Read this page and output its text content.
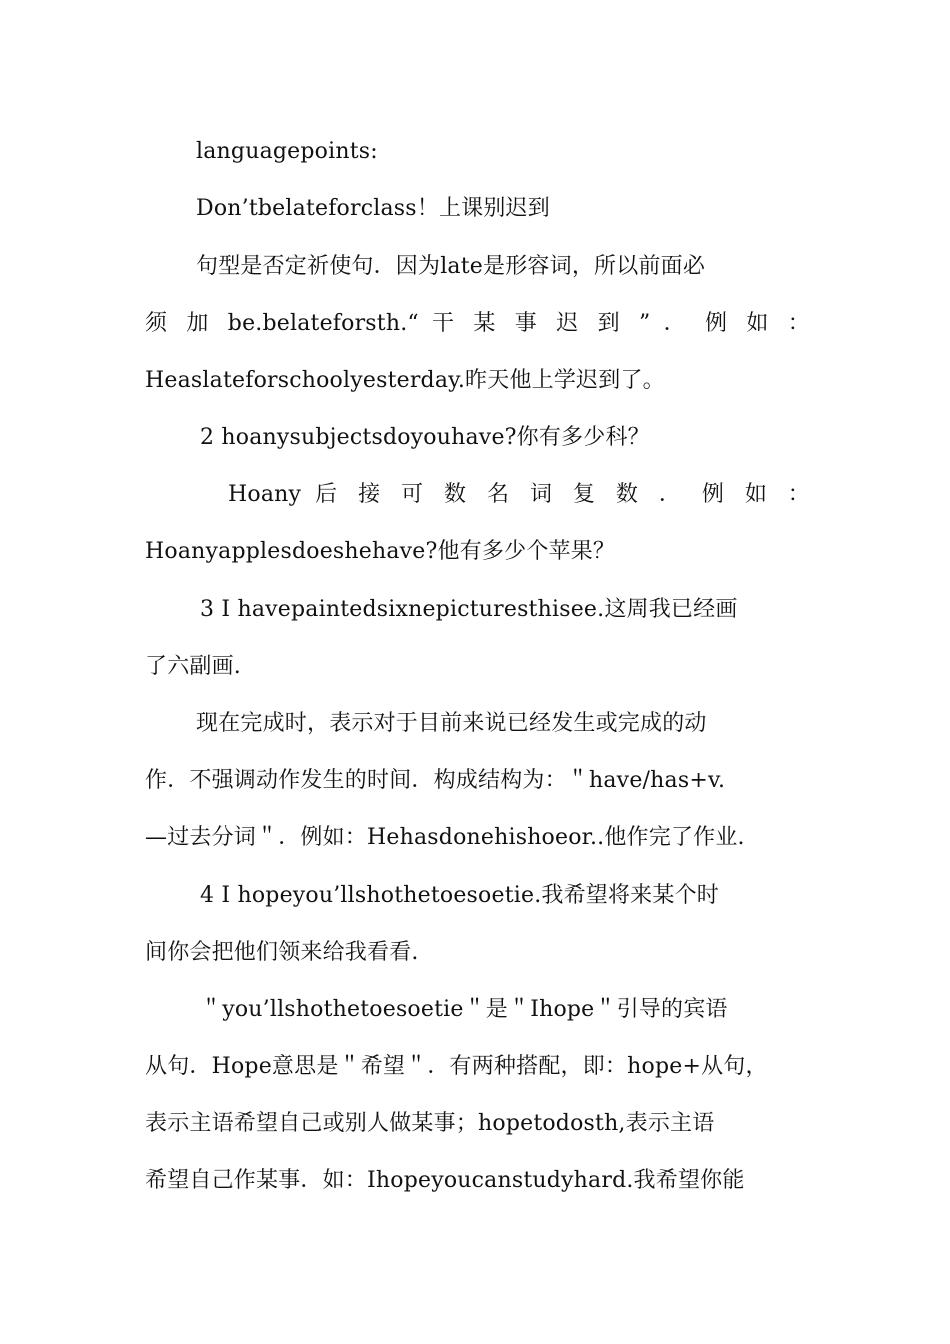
languagepoints:
Don’tbelateforclass！上课别迟到
句型是否定祈使句．因为late是形容词，所以前面必
须 加 be.belateforsth.“ 干 某 事 迟 到 ” ． 例 如 ：
Heaslateforschoolyesterday.昨天他上学迟到了。
2 hoanysubjectsdoyouhave?你有多少科？
Hoany 后 接 可 数 名 词 复 数 ． 例 如 ：
Hoanyapplesdoeshehave?他有多少个苹果？
3 I havepaintedsixnepicturesthisee.这周我已经画
了六副画.
现在完成时，表示对于目前来说已经发生或完成的动
作．不强调动作发生的时间．构成结构为：＂have/has+v.
—过去分词＂．例如：Hehasdonehishoeor..他作完了作业.
4 I hopeyou’llshothetoesoetie.我希望将来某个时
间你会把他们领来给我看看.
＂you’llshothetoesoetie＂是＂Ihope＂引导的宾语
从句．Hope意思是＂希望＂．有两种搭配，即：hope+从句，
表示主语希望自己或别人做某事；hopetodosth,表示主语
希望自己作某事．如：Ihopeyoucanstudyhard.我希望你能
